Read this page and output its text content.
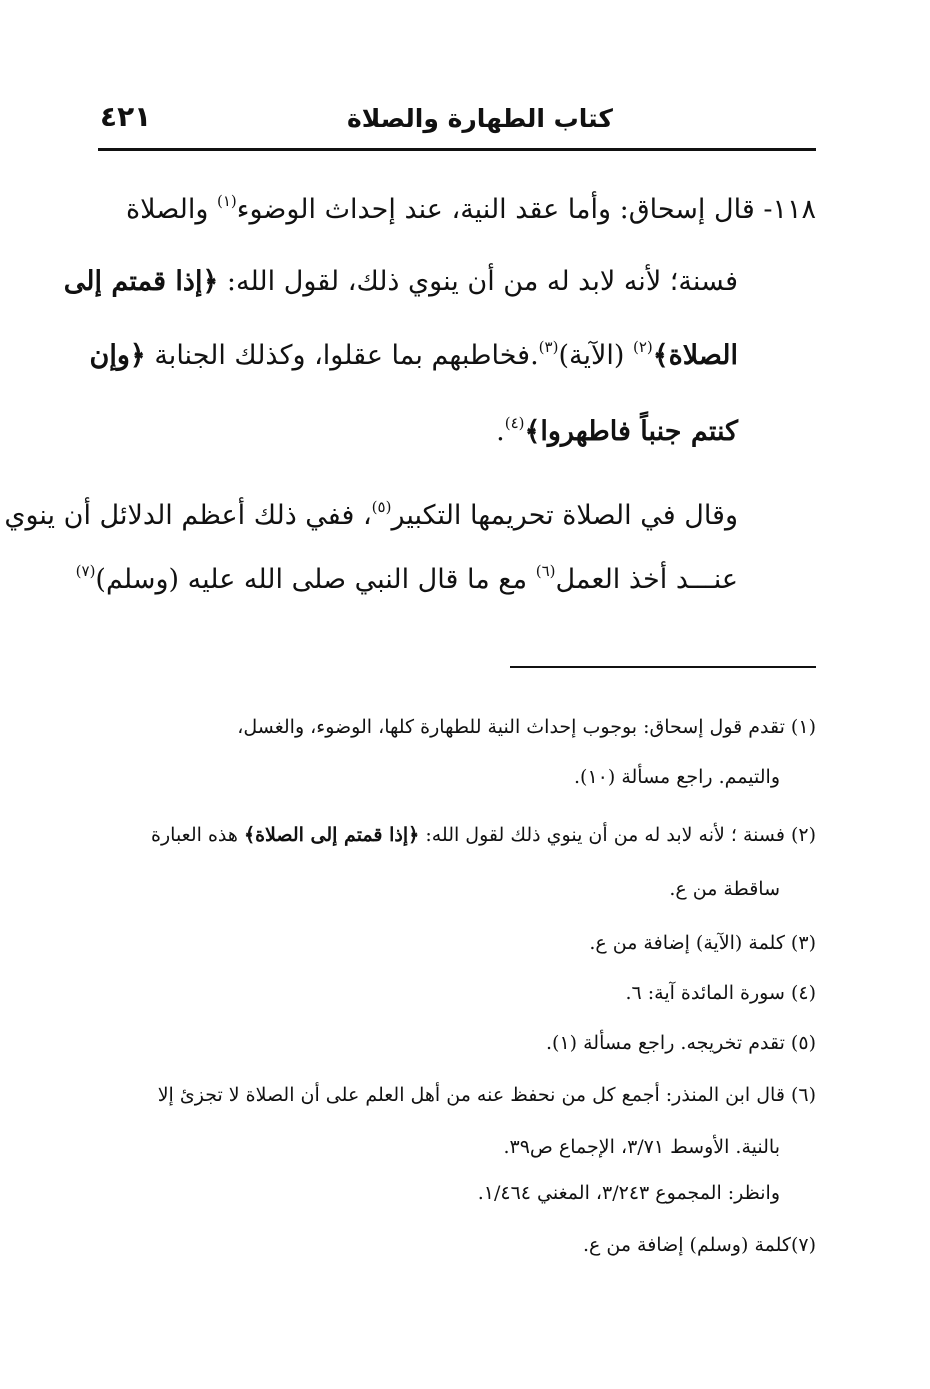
كتاب الطهارة والصلاة
٤٢١
١١٨- قال إسحاق: وأما عقد النية، عند إحداث الوضوء$^{(١)}$ والصلاة
فسنة؛ لأنه لابد له من أن ينوي ذلك، لقول الله: ﴿إذا قمتم إلى
الصلاة﴾$^{(٢)}$ (الآية)$^{(٣)}$.فخاطبهم بما عقلوا، وكذلك الجنابة ﴿وإن
كنتم جنباً فاطهروا﴾$^{(٤)}$.
وقال في الصلاة تحريمها التكبير$^{(٥)}$، ففي ذلك أعظم الدلائل أن ينوي
عنـــد أخذ العمل$^{(٦)}$ مع ما قال النبي صلى الله عليه (وسلم)$^{(٧)}$
(١) تقدم قول إسحاق: بوجوب إحداث النية للطهارة كلها، الوضوء، والغسل،
والتيمم. راجع مسألة (١٠).
(٢) فسنة ؛ لأنه لابد له من أن ينوي ذلك لقول الله: ﴿إذا قمتم إلى الصلاة﴾ هذه العبارة
ساقطة من ع.
(٣) كلمة (الآية) إضافة من ع.
(٤) سورة المائدة آية: ٦.
(٥) تقدم تخريجه. راجع مسألة (١).
(٦) قال ابن المنذر: أجمع كل من نحفظ عنه من أهل العلم على أن الصلاة لا تجزئ إلا
بالنية. الأوسط ٣/٧١، الإجماع ص٣٩.
وانظر: المجموع ٣/٢٤٣، المغني ١/٤٦٤.
(٧)كلمة (وسلم) إضافة من ع.
